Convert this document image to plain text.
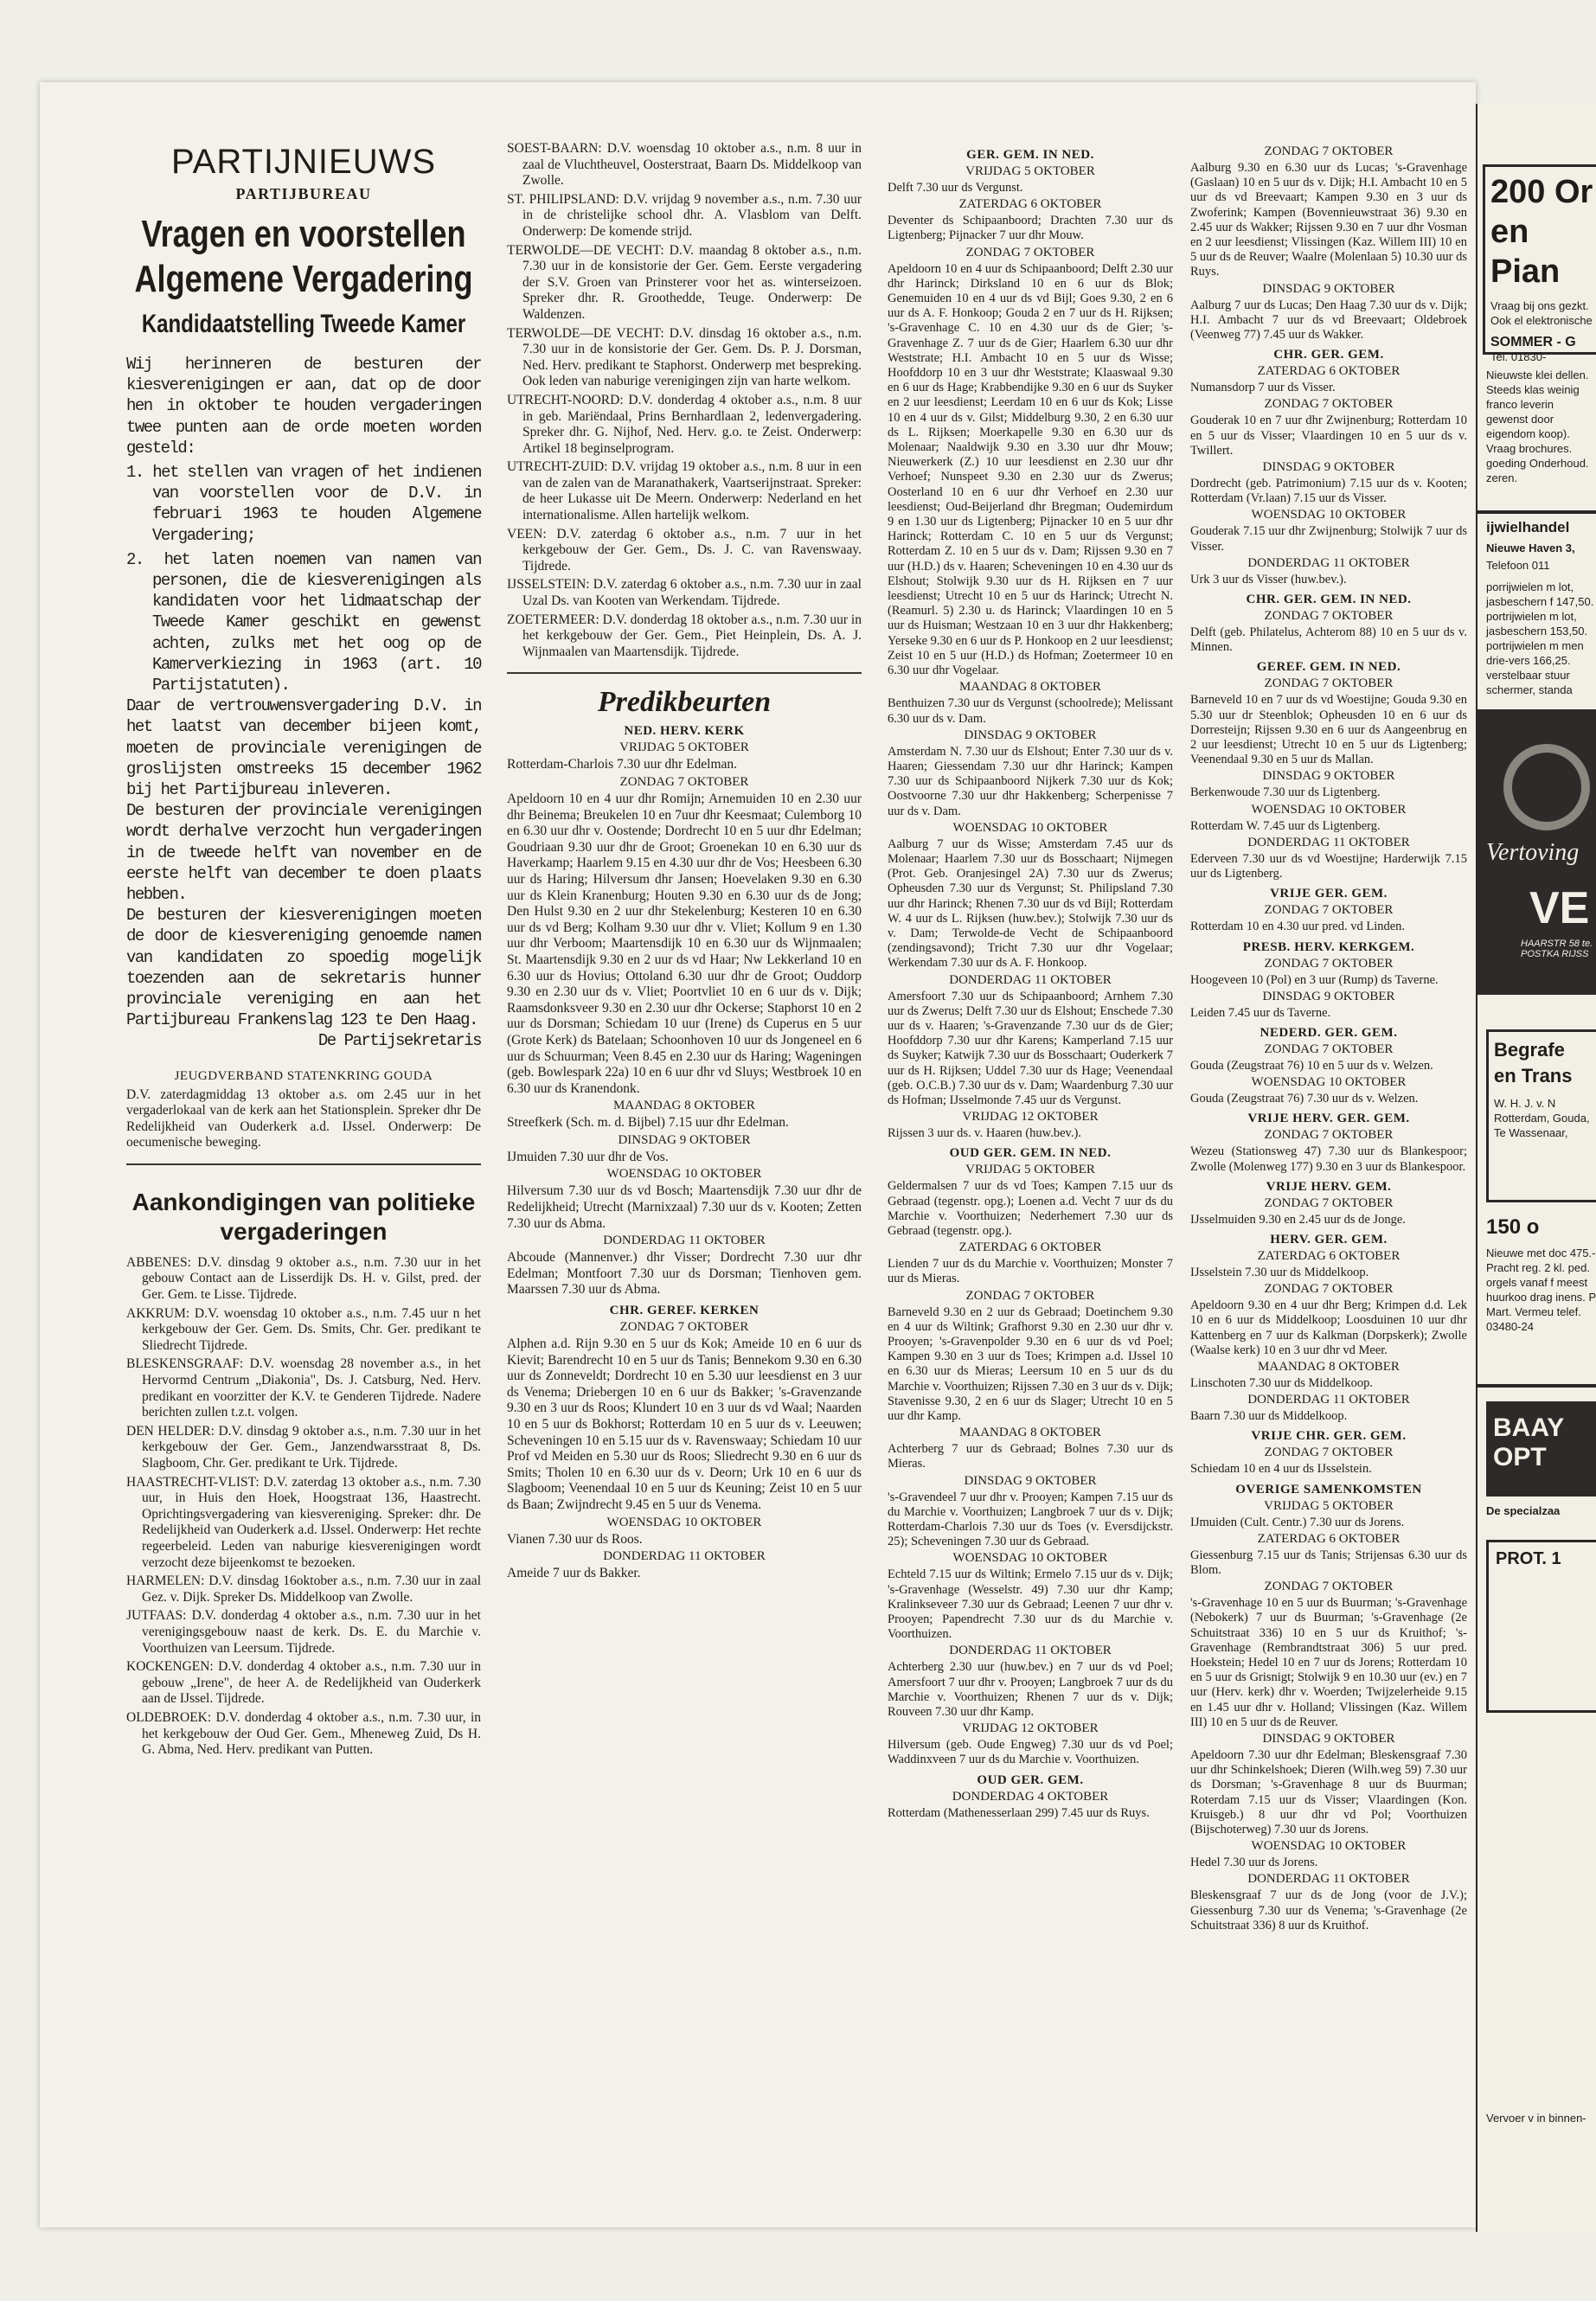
PARTIJNIEUWS
PARTIJBUREAU
Vragen en voorstellen Algemene Vergadering
Kandidaatstelling Tweede Kamer

Wij herinneren de besturen der kiesverenigingen er aan, dat op de door hen in oktober te houden vergaderingen twee punten aan de orde moeten worden gesteld:

1. het stellen van vragen of het indienen van voorstellen voor de D.V. in februari 1963 te houden Algemene Vergadering;

2. het laten noemen van namen van personen, die de kiesverenigingen als kandidaten voor het lidmaatschap der Tweede Kamer geschikt en gewenst achten, zulks met het oog op de Kamerverkiezing in 1963 (art. 10 Partijstatuten).

Daar de vertrouwensvergadering D.V. in het laatst van december bijeen komt, moeten de provinciale verenigingen de groslijsten omstreeks 15 december 1962 bij het Partijbureau inleveren.

De besturen der provinciale verenigingen wordt derhalve verzocht hun vergaderingen in de tweede helft van november en de eerste helft van december te doen plaats hebben.

De besturen der kiesverenigingen moeten de door de kiesvereniging genoemde namen van kandidaten zo spoedig mogelijk toezenden aan de sekretaris hunner provinciale vereniging en aan het Partijbureau Frankenslag 123 te Den Haag.

De Partijsekretaris
JEUGDVERBAND STATENKRING GOUDA

D.V. zaterdagmiddag 13 oktober a.s. om 2.45 uur in het vergaderlokaal van de kerk aan het Stationsplein. Spreker dhr De Redelijkheid van Ouderkerk a.d. IJssel. Onderwerp: De oecumenische beweging.

Aankondigingen van politieke vergaderingen

ABBENES: D.V. dinsdag 9 oktober a.s., n.m. 7.30 uur in het gebouw Contact aan de Lisserdijk Ds. H. v. Gilst, pred. der Ger. Gem. te Lisse. Tijdrede.

AKKRUM: D.V. woensdag 10 oktober a.s., n.m. 7.45 uur n het kerkgebouw der Ger. Gem. Ds. Smits, Chr. Ger. predikant te Sliedrecht Tijdrede.

BLESKENSGRAAF: D.V. woensdag 28 november a.s., in het Hervormd Centrum „Diakonia", Ds. J. Catsburg, Ned. Herv. predikant en voorzitter der K.V. te Genderen Tijdrede. Nadere berichten zullen t.z.t. volgen.

DEN HELDER: D.V. dinsdag 9 oktober a.s., n.m. 7.30 uur in het kerkgebouw der Ger. Gem., Janzendwarsstraat 8, Ds. Slagboom, Chr. Ger. predikant te Urk. Tijdrede.

HAASTRECHT-VLIST: D.V. zaterdag 13 oktober a.s., n.m. 7.30 uur, in Huis den Hoek, Hoogstraat 136, Haastrecht. Oprichtingsvergadering van kiesvereniging. Spreker: dhr. De Redelijkheid van Ouderkerk a.d. IJssel. Onderwerp: Het rechte regeerbeleid. Leden van naburige kiesverenigingen wordt verzocht deze bijeenkomst te bezoeken.

HARMELEN: D.V. dinsdag 16oktober a.s., n.m. 7.30 uur in zaal Gez. v. Dijk. Spreker Ds. Middelkoop van Zwolle.

JUTFAAS: D.V. donderdag 4 oktober a.s., n.m. 7.30 uur in het verenigingsgebouw naast de kerk. Ds. E. du Marchie v. Voorthuizen van Leersum. Tijdrede.

KOCKENGEN: D.V. donderdag 4 oktober a.s., n.m. 7.30 uur in gebouw „Irene", de heer A. de Redelijkheid van Ouderkerk aan de IJssel. Tijdrede.

OLDEBROEK: D.V. donderdag 4 oktober a.s., n.m. 7.30 uur, in het kerkgebouw der Oud Ger. Gem., Mheneweg Zuid, Ds H. G. Abma, Ned. Herv. predikant van Putten.

SOEST-BAARN: D.V. woensdag 10 oktober a.s., n.m. 8 uur in zaal de Vluchtheuvel, Oosterstraat, Baarn Ds. Middelkoop van Zwolle.

ST. PHILIPSLAND: D.V. vrijdag 9 november a.s., n.m. 7.30 uur in de christelijke school dhr. A. Vlasblom van Delft. Onderwerp: De komende strijd.

TERWOLDE—DE VECHT: D.V. maandag 8 oktober a.s., n.m. 7.30 uur in de konsistorie der Ger. Gem. Eerste vergadering der S.V. Groen van Prinsterer voor het as. winterseizoen. Spreker dhr. R. Groothedde, Teuge. Onderwerp: De Waldenzen.

TERWOLDE—DE VECHT: D.V. dinsdag 16 oktober a.s., n.m. 7.30 uur in de konsistorie der Ger. Gem. Ds. P. J. Dorsman, Ned. Herv. predikant te Staphorst. Onderwerp met bespreking. Ook leden van naburige verenigingen zijn van harte welkom.

UTRECHT-NOORD: D.V. donderdag 4 oktober a.s., n.m. 8 uur in geb. Mariëndaal, Prins Bernhardlaan 2, ledenvergadering. Spreker dhr. G. Nijhof, Ned. Herv. g.o. te Zeist. Onderwerp: Artikel 18 beginselprogram.

UTRECHT-ZUID: D.V. vrijdag 19 oktober a.s., n.m. 8 uur in een van de zalen van de Maranathakerk, Vaartserijnstraat. Spreker: de heer Lukasse uit De Meern. Onderwerp: Nederland en het internationalisme. Allen hartelijk welkom.

VEEN: D.V. zaterdag 6 oktober a.s., n.m. 7 uur in het kerkgebouw der Ger. Gem., Ds. J. C. van Ravenswaay. Tijdrede.

IJSSELSTEIN: D.V. zaterdag 6 oktober a.s., n.m. 7.30 uur in zaal Uzal Ds. van Kooten van Werkendam. Tijdrede.

ZOETERMEER: D.V. donderdag 18 oktober a.s., n.m. 7.30 uur in het kerkgebouw der Ger. Gem., Piet Heinplein, Ds. A. J. Wijnmaalen van Maartensdijk. Tijdrede.

Predikbeurten
NED. HERV. KERK
VRIJDAG 5 OKTOBER

Rotterdam-Charlois 7.30 uur dhr Edelman.

ZONDAG 7 OKTOBER

Apeldoorn 10 en 4 uur dhr Romijn; Arnemuiden 10 en 2.30 uur dhr Beinema; Breukelen 10 en 7uur dhr Keesmaat; Culemborg 10 en 6.30 uur dhr v. Oostende; Dordrecht 10 en 5 uur dhr Edelman; Goudriaan 9.30 uur dhr de Groot; Groenekan 10 en 6.30 uur ds Haverkamp; Haarlem 9.15 en 4.30 uur dhr de Vos; Heesbeen 6.30 uur ds Haring; Hilversum dhr Jansen; Hoevelaken 9.30 en 6.30 uur ds Klein Kranenburg; Houten 9.30 en 6.30 uur ds de Jong; Den Hulst 9.30 en 2 uur dhr Stekelenburg; Kesteren 10 en 6.30 uur ds vd Berg; Kolham 9.30 uur dhr v. Vliet; Kollum 9 en 1.30 uur dhr Verboom; Maartensdijk 10 en 6.30 uur ds Wijnmaalen; St. Maartensdijk 9.30 en 2 uur ds vd Haar; Nw Lekkerland 10 en 6.30 uur ds Hovius; Ottoland 6.30 uur dhr de Groot; Ouddorp 9.30 en 2.30 uur ds v. Vliet; Poortvliet 10 en 6 uur ds v. Dijk; Raamsdonksveer 9.30 en 2.30 uur dhr Ockerse; Staphorst 10 en 2 uur ds Dorsman; Schiedam 10 uur (Irene) ds Cuperus en 5 uur (Grote Kerk) ds Batelaan; Schoonhoven 10 uur ds Jongeneel en 6 uur ds Schuurman; Veen 8.45 en 2.30 uur ds Haring; Wageningen (geb. Bowlespark 22a) 10 en 6 uur dhr vd Sluys; Westbroek 10 en 6.30 uur ds Kranendonk.

MAANDAG 8 OKTOBER

Streefkerk (Sch. m. d. Bijbel) 7.15 uur dhr Edelman.

DINSDAG 9 OKTOBER

IJmuiden 7.30 uur dhr de Vos.

WOENSDAG 10 OKTOBER

Hilversum 7.30 uur ds vd Bosch; Maartensdijk 7.30 uur dhr de Redelijkheid; Utrecht (Marnixzaal) 7.30 uur ds v. Kooten; Zetten 7.30 uur ds Abma.

DONDERDAG 11 OKTOBER

Abcoude (Mannenver.) dhr Visser; Dordrecht 7.30 uur dhr Edelman; Montfoort 7.30 uur ds Dorsman; Tienhoven gem. Maarssen 7.30 uur ds Abma.

CHR. GEREF. KERKEN
ZONDAG 7 OKTOBER

Alphen a.d. Rijn 9.30 en 5 uur ds Kok; Ameide 10 en 6 uur ds Kievit; Barendrecht 10 en 5 uur ds Tanis; Bennekom 9.30 en 6.30 uur ds Zonneveldt; Dordrecht 10 en 5.30 uur leesdienst en 3 uur ds Venema; Driebergen 10 en 6 uur ds Bakker; 's-Gravenzande 9.30 en 3 uur ds Roos; Klundert 10 en 3 uur ds vd Waal; Naarden 10 en 5 uur ds Bokhorst; Rotterdam 10 en 5 uur ds v. Leeuwen; Scheveningen 10 en 5.15 uur ds v. Ravenswaay; Schiedam 10 uur Prof vd Meiden en 5.30 uur ds Roos; Sliedrecht 9.30 en 6 uur ds Smits; Tholen 10 en 6.30 uur ds v. Deorn; Urk 10 en 6 uur ds Slagboom; Veenendaal 10 en 5 uur ds Keuning; Zeist 10 en 5 uur ds Baan; Zwijndrecht 9.45 en 5 uur ds Venema.

WOENSDAG 10 OKTOBER

Vianen 7.30 uur ds Roos.

DONDERDAG 11 OKTOBER

Ameide 7 uur ds Bakker.

GER. GEM. IN NED.
VRIJDAG 5 OKTOBER

Delft 7.30 uur ds Vergunst.

ZATERDAG 6 OKTOBER

Deventer ds Schipaanboord; Drachten 7.30 uur ds Ligtenberg; Pijnacker 7 uur dhr Mouw.

ZONDAG 7 OKTOBER

Apeldoorn 10 en 4 uur ds Schipaanboord; Delft 2.30 uur dhr Harinck; Dirksland 10 en 6 uur ds Blok; Genemuiden 10 en 4 uur ds vd Bijl; Goes 9.30, 2 en 6 uur ds A. F. Honkoop; Gouda 2 en 7 uur ds H. Rijksen; 's-Gravenhage C. 10 en 4.30 uur ds de Gier; 's-Gravenhage Z. 7 uur ds de Gier; Haarlem 6.30 uur dhr Weststrate; H.I. Ambacht 10 en 5 uur ds Wisse; Hoofddorp 10 en 3 uur dhr Weststrate; Klaaswaal 9.30 en 6 uur ds Hage; Krabbendijke 9.30 en 6 uur ds Suyker en 2 uur leesdienst; Leerdam 10 en 6 uur ds Kok; Lisse 10 en 4 uur ds v. Gilst; Middelburg 9.30, 2 en 6.30 uur ds L. Rijksen; Moerkapelle 9.30 en 6.30 uur ds Molenaar; Naaldwijk 9.30 en 3.30 uur dhr Mouw; Nieuwerkerk (Z.) 10 uur leesdienst en 2.30 uur dhr Verhoef; Nunspeet 9.30 en 2.30 uur ds Zwerus; Oosterland 10 en 6 uur dhr Verhoef en 2.30 uur leesdienst; Oud-Beijerland dhr Bregman; Oudemirdum 9 en 1.30 uur ds Ligtenberg; Pijnacker 10 en 5 uur dhr Harinck; Rotterdam C. 10 en 5 uur ds Vergunst; Rotterdam Z. 10 en 5 uur ds v. Dam; Rijssen 9.30 en 7 uur (H.D.) ds v. Haaren; Scheveningen 10 en 4.30 uur ds Elshout; Stolwijk 9.30 uur ds H. Rijksen en 7 uur leesdienst; Utrecht 10 en 5 uur ds Harinck; Utrecht N. (Reamurl. 5) 2.30 u. ds Harinck; Vlaardingen 10 en 5 uur ds Huisman; Westzaan 10 en 3 uur dhr Hakkenberg; Yerseke 9.30 en 6 uur ds P. Honkoop en 2 uur leesdienst; Zeist 10 en 5 uur (H.D.) ds Hofman; Zoetermeer 10 en 6.30 uur dhr Vogelaar.

MAANDAG 8 OKTOBER

Benthuizen 7.30 uur ds Vergunst (schoolrede); Melissant 6.30 uur ds v. Dam.

DINSDAG 9 OKTOBER

Amsterdam N. 7.30 uur ds Elshout; Enter 7.30 uur ds v. Haaren; Giessendam 7.30 uur dhr Harinck; Kampen 7.30 uur ds Schipaanboord Nijkerk 7.30 uur ds Kok; Oostvoorne 7.30 uur dhr Hakkenberg; Scherpenisse 7 uur ds v. Dam.

WOENSDAG 10 OKTOBER

Aalburg 7 uur ds Wisse; Amsterdam 7.45 uur ds Molenaar; Haarlem 7.30 uur ds Bosschaart; Nijmegen (Prot. Geb. Oranjesingel 2A) 7.30 uur ds Zwerus; Opheusden 7.30 uur ds Vergunst; St. Philipsland 7.30 uur dhr Harinck; Rhenen 7.30 uur ds vd Bijl; Rotterdam W. 4 uur ds L. Rijksen (huw.bev.); Stolwijk 7.30 uur ds v. Dam; Terwolde-de Vecht de Schipaanboord (zendingsavond); Tricht 7.30 uur dhr Vogelaar; Werkendam 7.30 uur ds A. F. Honkoop.

DONDERDAG 11 OKTOBER

Amersfoort 7.30 uur ds Schipaanboord; Arnhem 7.30 uur ds Zwerus; Delft 7.30 uur ds Elshout; Enschede 7.30 uur ds v. Haaren; 's-Gravenzande 7.30 uur ds de Gier; Hoofddorp 7.30 uur dhr Karens; Kamperland 7.15 uur ds Suyker; Katwijk 7.30 uur ds Bosschaart; Ouderkerk 7 uur ds H. Rijksen; Uddel 7.30 uur ds Hage; Veenendaal (geb. O.C.B.) 7.30 uur ds v. Dam; Waardenburg 7.30 uur ds Hofman; IJsselmonde 7.45 uur ds Vergunst.

VRIJDAG 12 OKTOBER

Rijssen 3 uur ds. v. Haaren (huw.bev.).

OUD GER. GEM. IN NED.
VRIJDAG 5 OKTOBER

Geldermalsen 7 uur ds vd Toes; Kampen 7.15 uur ds Gebraad (tegenstr. opg.); Loenen a.d. Vecht 7 uur ds du Marchie v. Voorthuizen; Nederhemert 7.30 uur ds Gebraad (tegenstr. opg.).

ZATERDAG 6 OKTOBER

Lienden 7 uur ds du Marchie v. Voorthuizen; Monster 7 uur ds Mieras.

ZONDAG 7 OKTOBER

Barneveld 9.30 en 2 uur ds Gebraad; Doetinchem 9.30 en 4 uur ds Wiltink; Grafhorst 9.30 en 2.30 uur dhr v. Prooyen; 's-Gravenpolder 9.30 en 6 uur ds vd Poel; Kampen 9.30 en 3 uur ds Toes; Krimpen a.d. IJssel 10 en 6.30 uur ds Mieras; Leersum 10 en 5 uur ds du Marchie v. Voorthuizen; Rijssen 7.30 en 3 uur ds v. Dijk; Stavenisse 9.30, 2 en 6 uur ds Slager; Utrecht 10 en 5 uur dhr Kamp.

MAANDAG 8 OKTOBER

Achterberg 7 uur ds Gebraad; Bolnes 7.30 uur ds Mieras.

DINSDAG 9 OKTOBER

's-Gravendeel 7 uur dhr v. Prooyen; Kampen 7.15 uur ds du Marchie v. Voorthuizen; Langbroek 7 uur ds v. Dijk; Rotterdam-Charlois 7.30 uur ds Toes (v. Eversdijckstr. 25); Scheveningen 7.30 uur ds Gebraad.

WOENSDAG 10 OKTOBER

Echteld 7.15 uur ds Wiltink; Ermelo 7.15 uur ds v. Dijk; 's-Gravenhage (Wesselstr. 49) 7.30 uur dhr Kamp; Kralinkseveer 7.30 uur ds Gebraad; Leenen 7 uur dhr v. Prooyen; Papendrecht 7.30 uur ds du Marchie v. Voorthuizen.

DONDERDAG 11 OKTOBER

Achterberg 2.30 uur (huw.bev.) en 7 uur ds vd Poel; Amersfoort 7 uur dhr v. Prooyen; Langbroek 7 uur ds du Marchie v. Voorthuizen; Rhenen 7 uur ds v. Dijk; Rouveen 7.30 uur dhr Kamp.

VRIJDAG 12 OKTOBER

Hilversum (geb. Oude Engweg) 7.30 uur ds vd Poel; Waddinxveen 7 uur ds du Marchie v. Voorthuizen.

OUD GER. GEM.
DONDERDAG 4 OKTOBER

Rotterdam (Mathenesserlaan 299) 7.45 uur ds Ruys.

ZONDAG 7 OKTOBER

Aalburg 9.30 en 6.30 uur ds Lucas; 's-Gravenhage (Gaslaan) 10 en 5 uur ds v. Dijk; H.I. Ambacht 10 en 5 uur ds vd Breevaart; Kampen 9.30 en 3 uur ds Zwoferink; Kampen (Bovennieuwstraat 36) 9.30 en 2.45 uur ds Wakker; Rijssen 9.30 en 7 uur dhr Vosman en 2 uur leesdienst; Vlissingen (Kaz. Willem III) 10 en 5 uur ds de Reuver; Waalre (Molenlaan 5) 10.30 uur ds Ruys.

DINSDAG 9 OKTOBER

Aalburg 7 uur ds Lucas; Den Haag 7.30 uur ds v. Dijk; H.I. Ambacht 7 uur ds vd Breevaart; Oldebroek (Veenweg 77) 7.45 uur ds Wakker.

CHR. GER. GEM.
ZATERDAG 6 OKTOBER

Numansdorp 7 uur ds Visser.

ZONDAG 7 OKTOBER

Gouderak 10 en 7 uur dhr Zwijnenburg; Rotterdam 10 en 5 uur ds Visser; Vlaardingen 10 en 5 uur ds v. Twillert.

DINSDAG 9 OKTOBER

Dordrecht (geb. Patrimonium) 7.15 uur ds v. Kooten; Rotterdam (Vr.laan) 7.15 uur ds Visser.

WOENSDAG 10 OKTOBER

Gouderak 7.15 uur dhr Zwijnenburg; Stolwijk 7 uur ds Visser.

DONDERDAG 11 OKTOBER

Urk 3 uur ds Visser (huw.bev.).

CHR. GER. GEM. IN NED.
ZONDAG 7 OKTOBER

Delft (geb. Philatelus, Achterom 88) 10 en 5 uur ds v. Minnen.

GEREF. GEM. IN NED.
ZONDAG 7 OKTOBER

Barneveld 10 en 7 uur ds vd Woestijne; Gouda 9.30 en 5.30 uur dr Steenblok; Opheusden 10 en 6 uur ds Dorresteijn; Rijssen 9.30 en 6 uur ds Aangeenbrug en 2 uur leesdienst; Utrecht 10 en 5 uur ds Ligtenberg; Veenendaal 9.30 en 5 uur ds Mallan.

DINSDAG 9 OKTOBER

Berkenwoude 7.30 uur ds Ligtenberg.

WOENSDAG 10 OKTOBER

Rotterdam W. 7.45 uur ds Ligtenberg.

DONDERDAG 11 OKTOBER

Ederveen 7.30 uur ds vd Woestijne; Harderwijk 7.15 uur ds Ligtenberg.

VRIJE GER. GEM.
ZONDAG 7 OKTOBER

Rotterdam 10 en 4.30 uur pred. vd Linden.

PRESB. HERV. KERKGEM.
ZONDAG 7 OKTOBER

Hoogeveen 10 (Pol) en 3 uur (Rump) ds Taverne.

DINSDAG 9 OKTOBER

Leiden 7.45 uur ds Taverne.

NEDERD. GER. GEM.
ZONDAG 7 OKTOBER

Gouda (Zeugstraat 76) 10 en 5 uur ds v. Welzen.

WOENSDAG 10 OKTOBER

Gouda (Zeugstraat 76) 7.30 uur ds v. Welzen.

VRIJE HERV. GER. GEM.
ZONDAG 7 OKTOBER

Wezeu (Stationsweg 47) 7.30 uur ds Blankespoor; Zwolle (Molenweg 177) 9.30 en 3 uur ds Blankespoor.

VRIJE HERV. GEM.
ZONDAG 7 OKTOBER

IJsselmuiden 9.30 en 2.45 uur ds de Jonge.

HERV. GER. GEM.
ZATERDAG 6 OKTOBER

IJsselstein 7.30 uur ds Middelkoop.

ZONDAG 7 OKTOBER

Apeldoorn 9.30 en 4 uur dhr Berg; Krimpen d.d. Lek 10 en 6 uur ds Middelkoop; Loosduinen 10 uur dhr Kattenberg en 7 uur ds Kalkman (Dorpskerk); Zwolle (Waalse kerk) 10 en 3 uur dhr vd Meer.

MAANDAG 8 OKTOBER

Linschoten 7.30 uur ds Middelkoop.

DONDERDAG 11 OKTOBER

Baarn 7.30 uur ds Middelkoop.

VRIJE CHR. GER. GEM.
ZONDAG 7 OKTOBER

Schiedam 10 en 4 uur ds IJsselstein.

OVERIGE SAMENKOMSTEN
VRIJDAG 5 OKTOBER

IJmuiden (Cult. Centr.) 7.30 uur ds Jorens.

ZATERDAG 6 OKTOBER

Giessenburg 7.15 uur ds Tanis; Strijensas 6.30 uur ds Blom.

ZONDAG 7 OKTOBER

's-Gravenhage 10 en 5 uur ds Buurman; 's-Gravenhage (Nebokerk) 7 uur ds Buurman; 's-Gravenhage (2e Schuitstraat 336) 10 en 5 uur ds Kruithof; 's-Gravenhage (Rembrandtstraat 306) 5 uur pred. Hoekstein; Hedel 10 en 7 uur ds Jorens; Rotterdam 10 en 5 uur ds Grisnigt; Stolwijk 9 en 10.30 uur (ev.) en 7 uur (Herv. kerk) dhr v. Woerden; Twijzelerheide 9.15 en 1.45 uur dhr v. Holland; Vlissingen (Kaz. Willem III) 10 en 5 uur ds de Reuver.

DINSDAG 9 OKTOBER

Apeldoorn 7.30 uur dhr Edelman; Bleskensgraaf 7.30 uur dhr Schinkelshoek; Dieren (Wilh.weg 59) 7.30 uur ds Dorsman; 's-Gravenhage 8 uur ds Buurman; Roterdam 7.15 uur ds Visser; Vlaardingen (Kon. Kruisgeb.) 8 uur dhr vd Pol; Voorthuizen (Bijschoterweg) 7.30 uur ds Jorens.

WOENSDAG 10 OKTOBER

Hedel 7.30 uur ds Jorens.

DONDERDAG 11 OKTOBER

Bleskensgraaf 7 uur ds de Jong (voor de J.V.); Giessenburg 7.30 uur ds Venema; 's-Gravenhage (2e Schuitstraat 336) 8 uur ds Kruithof.

200 Or en Pian
Vraag bij ons gezkt. Ook el elektronische
SOMMER - G
Tel. 01830-
Nieuwste klei dellen. Steeds klas weinig franco leverin gewenst door eigendom koop). Vraag brochures. goeding Onderhoud. zeren.
ijwielhandel
Nieuwe Haven 3,
Telefoon 011
porrijwielen m lot, jasbeschern f 147,50. portrijwielen m lot, jasbeschern 153,50. portrijwielen m men drie-vers 166,25. verstelbaar stuur schermer, standa
Vertoving
VE
HAARSTR 58 te. POSTKA RIJSS
Begrafe en Trans
W. H. J. v. N Rotterdam, Gouda, Te Wassenaar,
150 o
Nieuwe met doc 475.- Pracht reg. 2 kl. ped. orgels vanaf f meest huurkoo drag inens. P Mart. Vermeu telef. 03480-24
BAAY OPT
De specialzaa
PROT. 1
Vervoer v in binnen-
